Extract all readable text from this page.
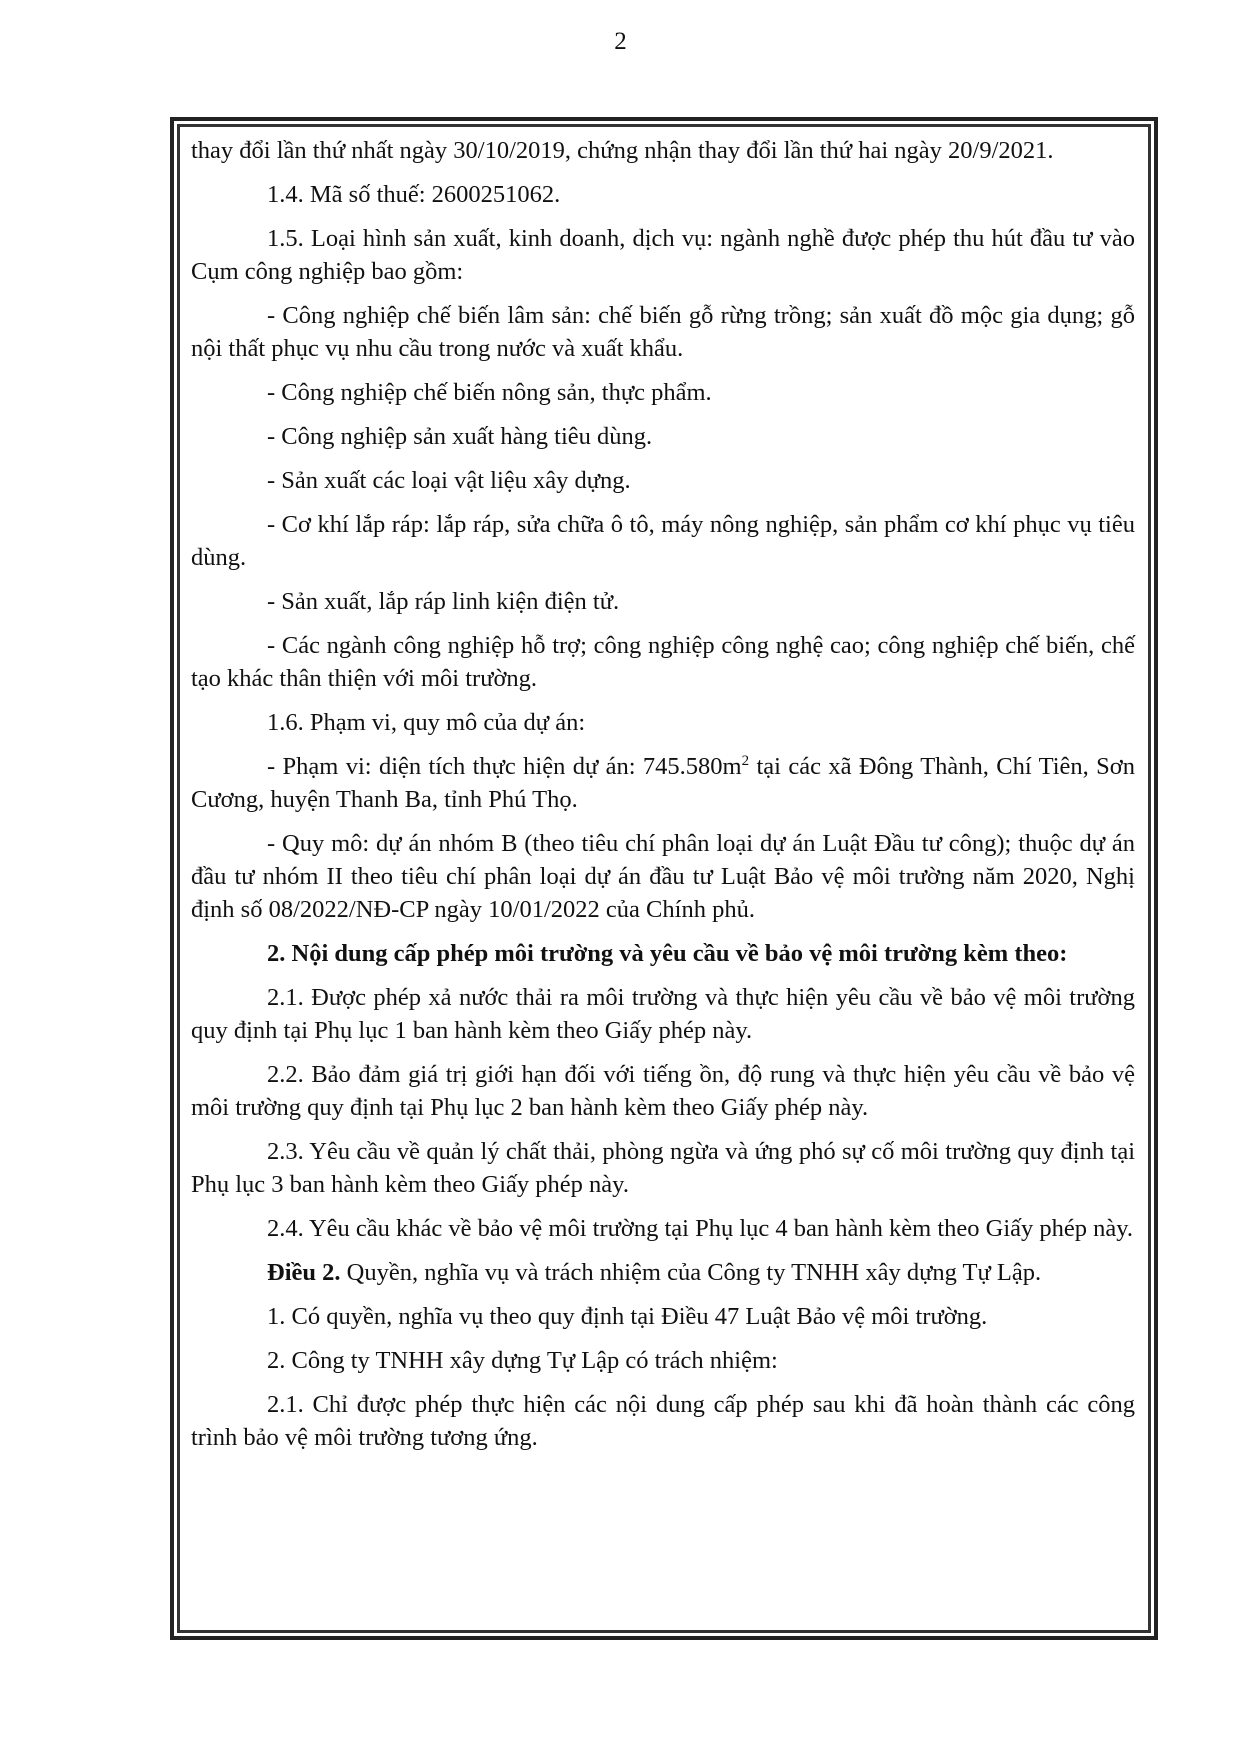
2

thay đổi lần thứ nhất ngày 30/10/2019, chứng nhận thay đổi lần thứ hai ngày 20/9/2021.

1.4. Mã số thuế: 2600251062.

1.5. Loại hình sản xuất, kinh doanh, dịch vụ: ngành nghề được phép thu hút đầu tư vào Cụm công nghiệp bao gồm:

- Công nghiệp chế biến lâm sản: chế biến gỗ rừng trồng; sản xuất đồ mộc gia dụng; gỗ nội thất phục vụ nhu cầu trong nước và xuất khẩu.

- Công nghiệp chế biến nông sản, thực phẩm.

- Công nghiệp sản xuất hàng tiêu dùng.

- Sản xuất các loại vật liệu xây dựng.

- Cơ khí lắp ráp: lắp ráp, sửa chữa ô tô, máy nông nghiệp, sản phẩm cơ khí phục vụ tiêu dùng.

- Sản xuất, lắp ráp linh kiện điện tử.

- Các ngành công nghiệp hỗ trợ; công nghiệp công nghệ cao; công nghiệp chế biến, chế tạo khác thân thiện với môi trường.

1.6. Phạm vi, quy mô của dự án:

- Phạm vi: diện tích thực hiện dự án: $745.580m^2$ tại các xã Đông Thành, Chí Tiên, Sơn Cương, huyện Thanh Ba, tỉnh Phú Thọ.

- Quy mô: dự án nhóm B (theo tiêu chí phân loại dự án Luật Đầu tư công); thuộc dự án đầu tư nhóm II theo tiêu chí phân loại dự án đầu tư Luật Bảo vệ môi trường năm 2020, Nghị định số 08/2022/NĐ-CP ngày 10/01/2022 của Chính phủ.

2. Nội dung cấp phép môi trường và yêu cầu về bảo vệ môi trường kèm theo:

2.1. Được phép xả nước thải ra môi trường và thực hiện yêu cầu về bảo vệ môi trường quy định tại Phụ lục 1 ban hành kèm theo Giấy phép này.

2.2. Bảo đảm giá trị giới hạn đối với tiếng ồn, độ rung và thực hiện yêu cầu về bảo vệ môi trường quy định tại Phụ lục 2 ban hành kèm theo Giấy phép này.

2.3. Yêu cầu về quản lý chất thải, phòng ngừa và ứng phó sự cố môi trường quy định tại Phụ lục 3 ban hành kèm theo Giấy phép này.

2.4. Yêu cầu khác về bảo vệ môi trường tại Phụ lục 4 ban hành kèm theo Giấy phép này.

Điều 2. Quyền, nghĩa vụ và trách nhiệm của Công ty TNHH xây dựng Tự Lập.

1. Có quyền, nghĩa vụ theo quy định tại Điều 47 Luật Bảo vệ môi trường.

2. Công ty TNHH xây dựng Tự Lập có trách nhiệm:

2.1. Chỉ được phép thực hiện các nội dung cấp phép sau khi đã hoàn thành các công trình bảo vệ môi trường tương ứng.
